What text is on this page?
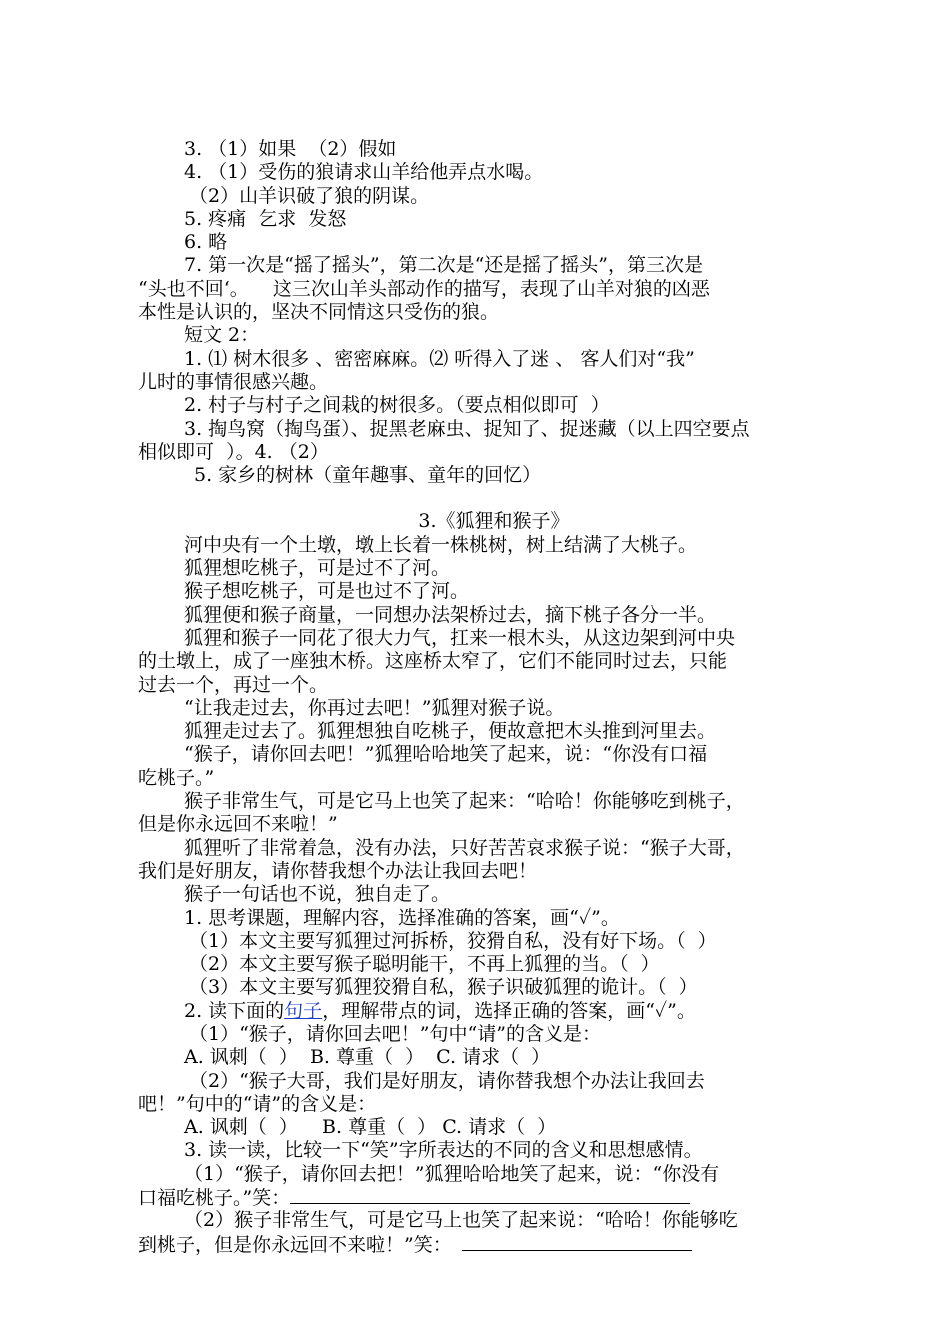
3. （1）如果  （2）假如
4. （1）受伤的狼请求山羊给他弄点水喝。
（2）山羊识破了狼的阴谋。
5. 疼痛  乞求  发怒
6. 略
7. 第一次是“摇了摇头”，第二次是“还是摇了摇头”，第三次是
“头也不回‘。    这三次山羊头部动作的描写，表现了山羊对狼的凶恶
本性是认识的，坚决不同情这只受伤的狼。
短文 2：
1. ⑴ 树木很多 、密密麻麻。⑵ 听得入了迷 、 客人们对“我”
儿时的事情很感兴趣。
2. 村子与村子之间栽的树很多。（要点相似即可  ）
3. 掏鸟窝（掏鸟蛋）、捉黑老麻虫、捉知了、捉迷藏（以上四空要点
相似即可  ）。4. （2）
5. 家乡的树林（童年趣事、童年的回忆）
3.《狐狸和猴子》
河中央有一个土墩，墩上长着一株桃树，树上结满了大桃子。
狐狸想吃桃子，可是过不了河。
猴子想吃桃子，可是也过不了河。
狐狸便和猴子商量，一同想办法架桥过去，摘下桃子各分一半。
狐狸和猴子一同花了很大力气，扛来一根木头，从这边架到河中央
的土墩上，成了一座独木桥。这座桥太窄了，它们不能同时过去，只能
过去一个，再过一个。
“让我走过去，你再过去吧！”狐狸对猴子说。
狐狸走过去了。狐狸想独自吃桃子，便故意把木头推到河里去。
“猴子，请你回去吧！”狐狸哈哈地笑了起来，说：“你没有口福
吃桃子。”
猴子非常生气，可是它马上也笑了起来：“哈哈！你能够吃到桃子，
但是你永远回不来啦！”
狐狸听了非常着急，没有办法，只好苦苦哀求猴子说：“猴子大哥，
我们是好朋友，请你替我想个办法让我回去吧！
猴子一句话也不说，独自走了。
1. 思考课题，理解内容，选择准确的答案，画“✓”。
（1）本文主要写狐狸过河拆桥，狡猾自私，没有好下场。（  ）
（2）本文主要写猴子聪明能干，不再上狐狸的当。（  ）
（3）本文主要写狐狸狡猾自私，猴子识破狐狸的诡计。（  ）
2. 读下面的句子，理解带点的词，选择正确的答案，画“✓”。
（1）“猴子，请你回去吧！”句中“请”的含义是：
A. 讽刺（  ）  B. 尊重（  ）  C. 请求（  ）
（2）“猴子大哥，我们是好朋友，请你替我想个办法让我回去
吧！”句中的“请”的含义是：
A. 讽刺（  ）    B. 尊重（  ） C. 请求（  ）
3. 读一读，比较一下“笑”字所表达的不同的含义和思想感情。
（1）“猴子，请你回去把！”狐狸哈哈地笑了起来，说：“你没有
口福吃桃子。”笑：
（2）猴子非常生气，可是它马上也笑了起来说：“哈哈！你能够吃
到桃子，但是你永远回不来啦！”笑：
